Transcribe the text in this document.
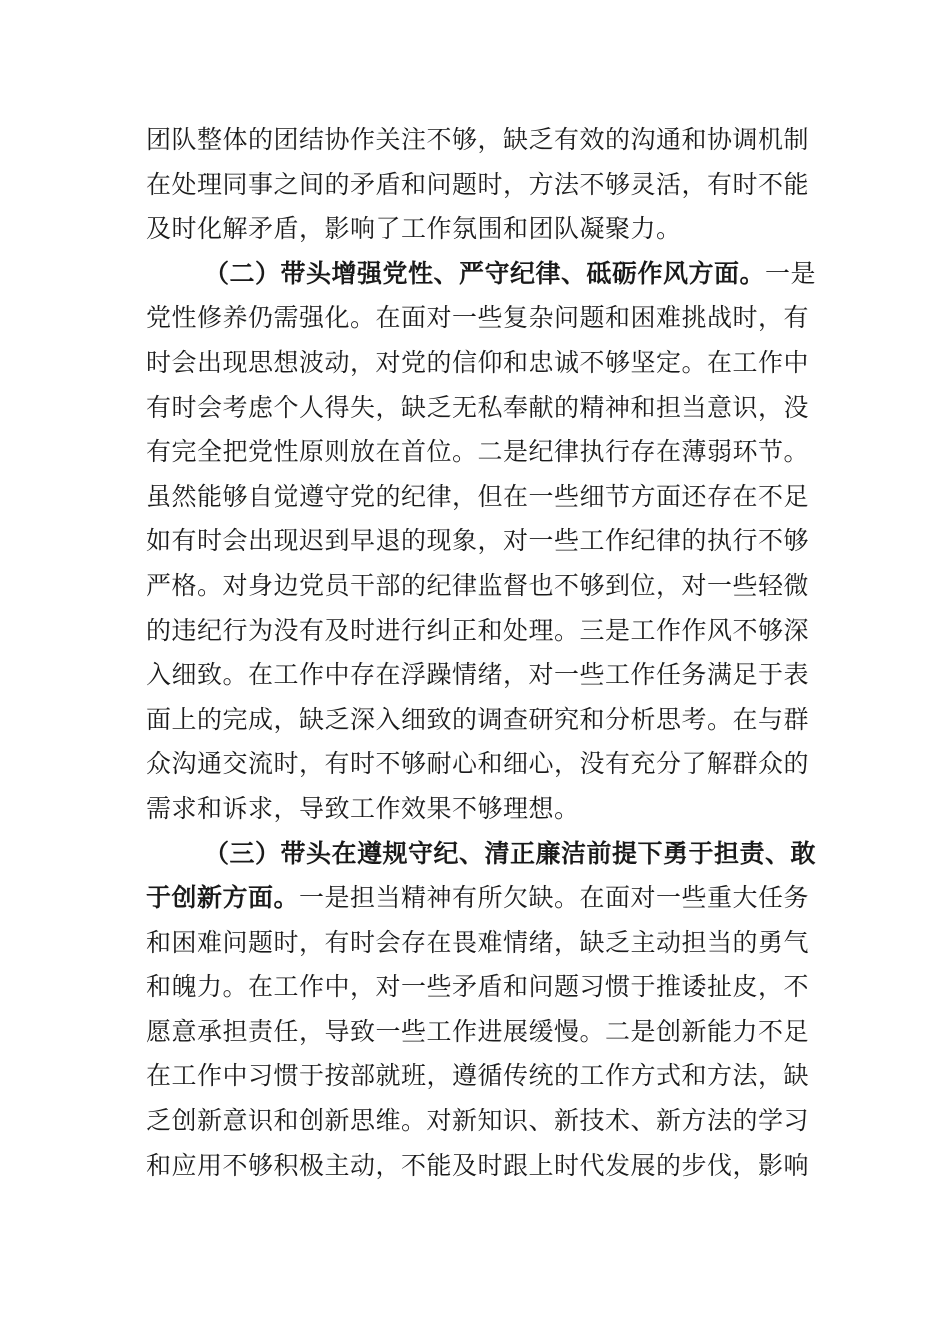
团队整体的团结协作关注不够，缺乏有效的沟通和协调机制
在处理同事之间的矛盾和问题时，方法不够灵活，有时不能
及时化解矛盾，影响了工作氛围和团队凝聚力。
（二）带头增强党性、严守纪律、砥砺作风方面。一是
党性修养仍需强化。在面对一些复杂问题和困难挑战时，有
时会出现思想波动，对党的信仰和忠诚不够坚定。在工作中
有时会考虑个人得失，缺乏无私奉献的精神和担当意识，没
有完全把党性原则放在首位。二是纪律执行存在薄弱环节。
虽然能够自觉遵守党的纪律，但在一些细节方面还存在不足
如有时会出现迟到早退的现象，对一些工作纪律的执行不够
严格。对身边党员干部的纪律监督也不够到位，对一些轻微
的违纪行为没有及时进行纠正和处理。三是工作作风不够深
入细致。在工作中存在浮躁情绪，对一些工作任务满足于表
面上的完成，缺乏深入细致的调查研究和分析思考。在与群
众沟通交流时，有时不够耐心和细心，没有充分了解群众的
需求和诉求，导致工作效果不够理想。
（三）带头在遵规守纪、清正廉洁前提下勇于担责、敢
于创新方面。一是担当精神有所欠缺。在面对一些重大任务
和困难问题时，有时会存在畏难情绪，缺乏主动担当的勇气
和魄力。在工作中，对一些矛盾和问题习惯于推诿扯皮，不
愿意承担责任，导致一些工作进展缓慢。二是创新能力不足
在工作中习惯于按部就班，遵循传统的工作方式和方法，缺
乏创新意识和创新思维。对新知识、新技术、新方法的学习
和应用不够积极主动，不能及时跟上时代发展的步伐，影响
